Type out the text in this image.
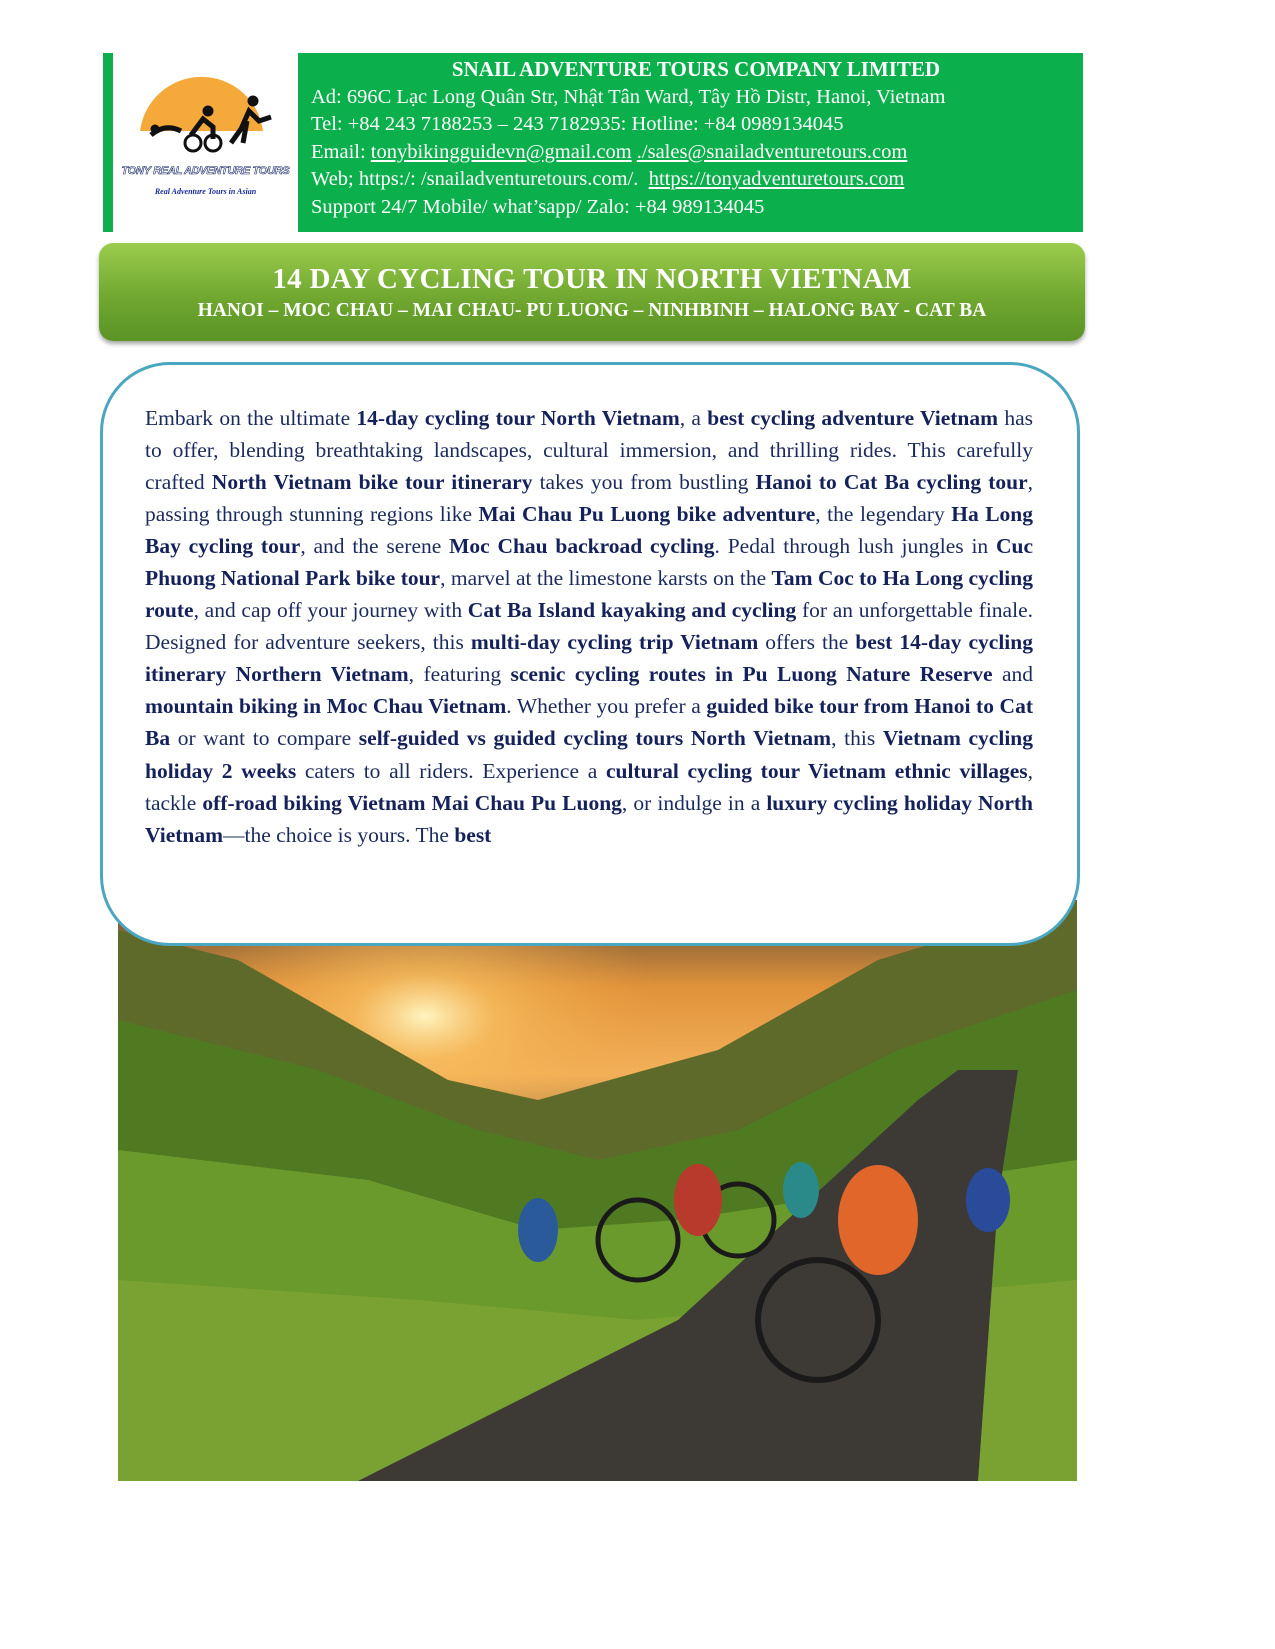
TONY REAL ADVENTURE TOURS
Real Adventure Tours in Asian
SNAIL ADVENTURE TOURS COMPANY LIMITED
Ad: 696C Lạc Long Quân Str, Nhật Tân Ward, Tây Hồ Distr, Hanoi, Vietnam
Tel: +84 243 7188253 – 243 7182935: Hotline: +84 0989134045
Email: tonybikingguidevn@gmail.com ./sales@snailadventuretours.com
Web; https:/: /snailadventuretours.com/.  https://tonyadventuretours.com
Support 24/7 Mobile/ what’sapp/ Zalo: +84 989134045
14 DAY CYCLING TOUR IN NORTH VIETNAM
HANOI – MOC CHAU – MAI CHAU- PU LUONG – NINHBINH – HALONG BAY - CAT BA
Embark on the ultimate 14-day cycling tour North Vietnam, a best cycling adventure Vietnam has to offer, blending breathtaking landscapes, cultural immersion, and thrilling rides. This carefully crafted North Vietnam bike tour itinerary takes you from bustling Hanoi to Cat Ba cycling tour, passing through stunning regions like Mai Chau Pu Luong bike adventure, the legendary Ha Long Bay cycling tour, and the serene Moc Chau backroad cycling. Pedal through lush jungles in Cuc Phuong National Park bike tour, marvel at the limestone karsts on the Tam Coc to Ha Long cycling route, and cap off your journey with Cat Ba Island kayaking and cycling for an unforgettable finale. Designed for adventure seekers, this multi-day cycling trip Vietnam offers the best 14-day cycling itinerary Northern Vietnam, featuring scenic cycling routes in Pu Luong Nature Reserve and mountain biking in Moc Chau Vietnam. Whether you prefer a guided bike tour from Hanoi to Cat Ba or want to compare self-guided vs guided cycling tours North Vietnam, this Vietnam cycling holiday 2 weeks caters to all riders. Experience a cultural cycling tour Vietnam ethnic villages, tackle off-road biking Vietnam Mai Chau Pu Luong, or indulge in a luxury cycling holiday North Vietnam—the choice is yours. The best
